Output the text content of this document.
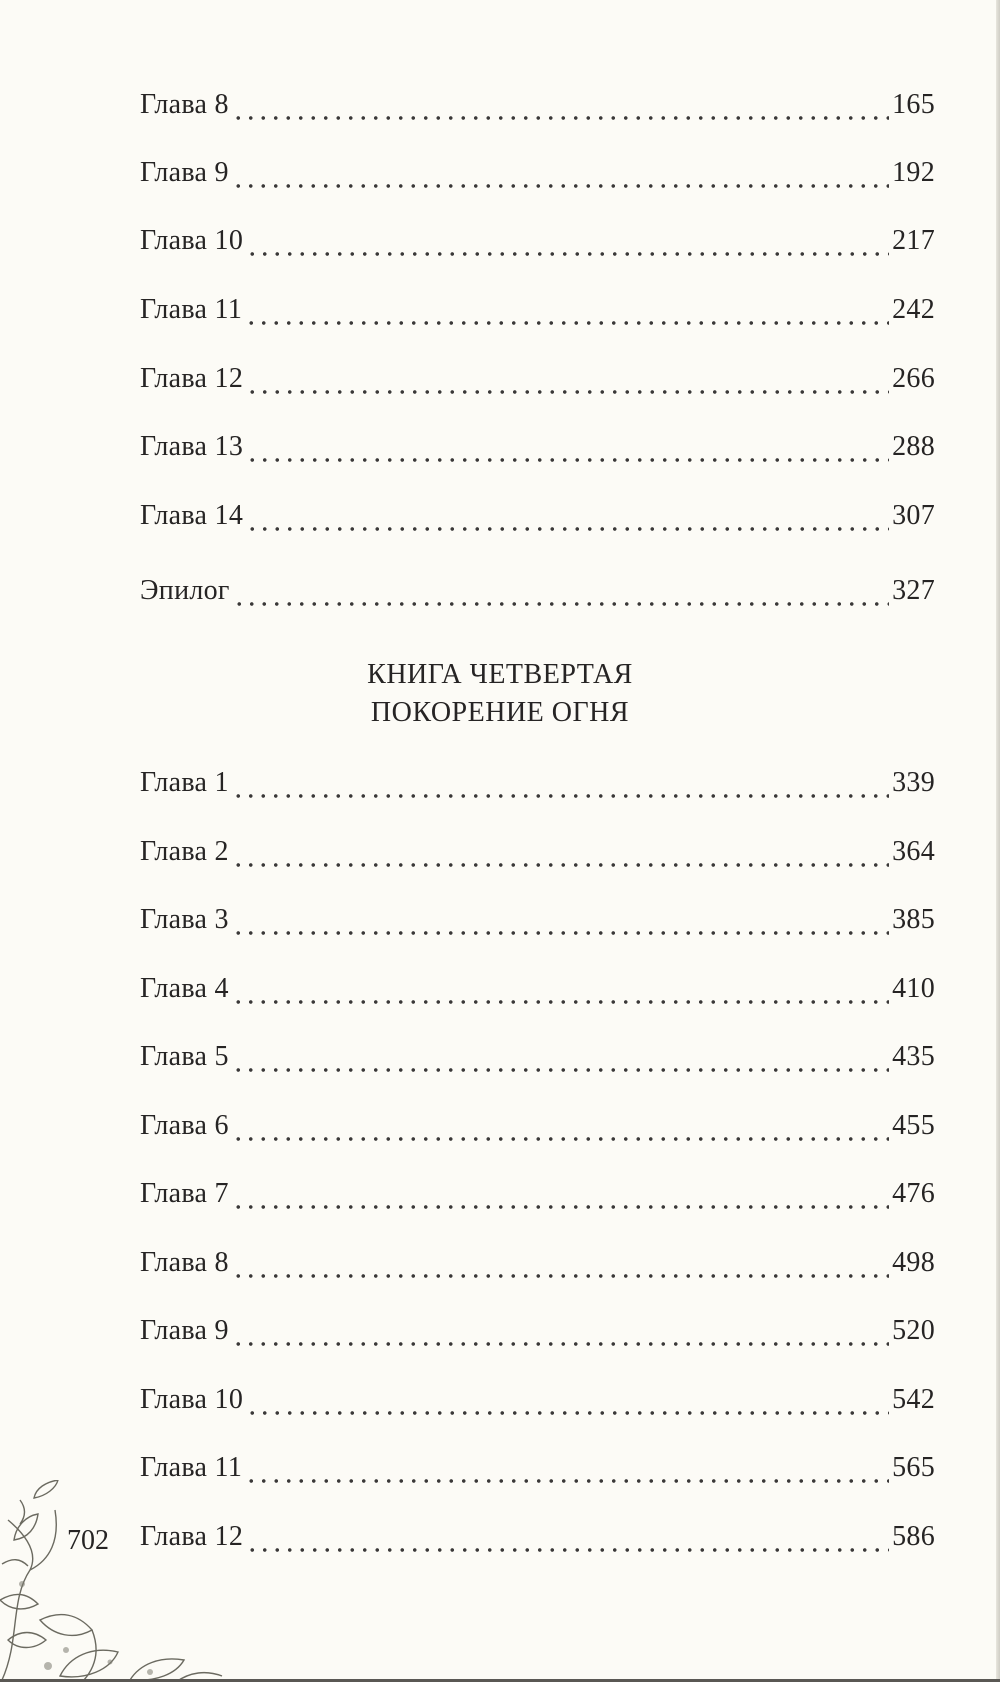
Глава 8	165
Глава 9	192
Глава 10	217
Глава 11	242
Глава 12	266
Глава 13	288
Глава 14	307
Эпилог	327
КНИГА ЧЕТВЕРТАЯ
ПОКОРЕНИЕ ОГНЯ
Глава 1	339
Глава 2	364
Глава 3	385
Глава 4	410
Глава 5	435
Глава 6	455
Глава 7	476
Глава 8	498
Глава 9	520
Глава 10	542
Глава 11	565
Глава 12	586
702
